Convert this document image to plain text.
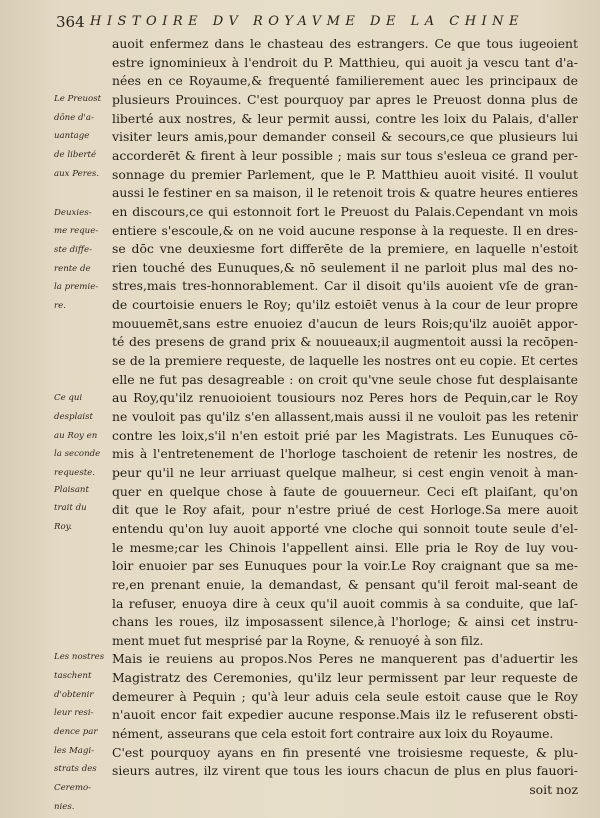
364 HISTOIRE DV ROYAVME DE LA CHINE
Le Preuost
dōne d'a-
uantage
de liberté
aux Peres.
Deuxies-
me reque-
ste diffe-
rente de
la premie-
re.
Ce qui
desplaist
au Roy en
la seconde
requeste.
Plaisant
trait du
Roy.
Les nostres
taschent
d'obtenir
leur resi-
dence par
les Magi-
strats des
Ceremo-
nies.
auoit enfermez dans le chasteau des estrangers. Ce que tous iugeoient
estre ignominieux à l'endroit du P. Matthieu, qui auoit ja vescu tant d'a-
nées en ce Royaume,& frequenté familierement auec les principaux de
plusieurs Prouinces. C'est pourquoy par apres le Preuost donna plus de
liberté aux nostres, & leur permit aussi, contre les loix du Palais, d'aller
visiter leurs amis,pour demander conseil & secours,ce que plusieurs lui
accorderēt & firent à leur possible ; mais sur tous s'esleua ce grand per-
sonnage du premier Parlement, que le P. Matthieu auoit visité. Il voulut
aussi le festiner en sa maison, il le retenoit trois & quatre heures entieres
en discours,ce qui estonnoit fort le Preuost du Palais.Cependant vn mois
entiere s'escoule,& on ne void aucune response à la requeste. Il en dres-
se dōc vne deuxiesme fort differēte de la premiere, en laquelle n'estoit
rien touché des Eunuques,& nō seulement il ne parloit plus mal des no-
stres,mais tres-honnorablement. Car il disoit qu'ils auoient vſe de gran-
de courtoisie enuers le Roy; qu'ilz estoiēt venus à la cour de leur propre
mouuemēt,sans estre enuoiez d'aucun de leurs Rois;qu'ilz auoiēt appor-
té des presens de grand prix & nouueaux;il augmentoit aussi la recōpen-
se de la premiere requeste, de laquelle les nostres ont eu copie. Et certes
elle ne fut pas desagreable : on croit qu'vne seule chose fut desplaisante
au Roy,qu'ilz renuoioient tousiours noz Peres hors de Pequin,car le Roy
ne vouloit pas qu'ilz s'en allassent,mais aussi il ne vouloit pas les retenir
contre les loix,s'il n'en estoit prié par les Magistrats. Les Eunuques cō-
mis à l'entretenement de l'horloge taschoient de retenir les nostres, de
peur qu'il ne leur arriuast quelque malheur, si cest engin venoit à man-
quer en quelque chose à faute de gouuerneur. Ceci eſt plaiſant, qu'on
dit que le Roy afait, pour n'estre priué de cest Horloge.Sa mere auoit
entendu qu'on luy auoit apporté vne cloche qui sonnoit toute seule d'el-
le mesme;car les Chinois l'appellent ainsi. Elle pria le Roy de luy vou-
loir enuoier par ses Eunuques pour la voir.Le Roy craignant que sa me-
re,en prenant enuie, la demandast, & pensant qu'il feroit mal-seant de
la refuser, enuoya dire à ceux qu'il auoit commis à sa conduite, que laſ-
chans les roues, ilz imposassent silence,à l'horloge; & ainsi cet instru-
ment muet fut mesprisé par la Royne, & renuoyé à son filz.
Mais ie reuiens au propos.Nos Peres ne manquerent pas d'aduertir les
Magistratz des Ceremonies, qu'ilz leur permissent par leur requeste de
demeurer à Pequin ; qu'à leur aduis cela seule estoit cause que le Roy
n'auoit encor fait expedier aucune response.Mais ilz le refuserent obsti-
nément, asseurans que cela estoit fort contraire aux loix du Royaume.
C'est pourquoy ayans en fin presenté vne troisiesme requeste, & plu-
sieurs autres, ilz virent que tous les iours chacun de plus en plus fauori-
soit noz
